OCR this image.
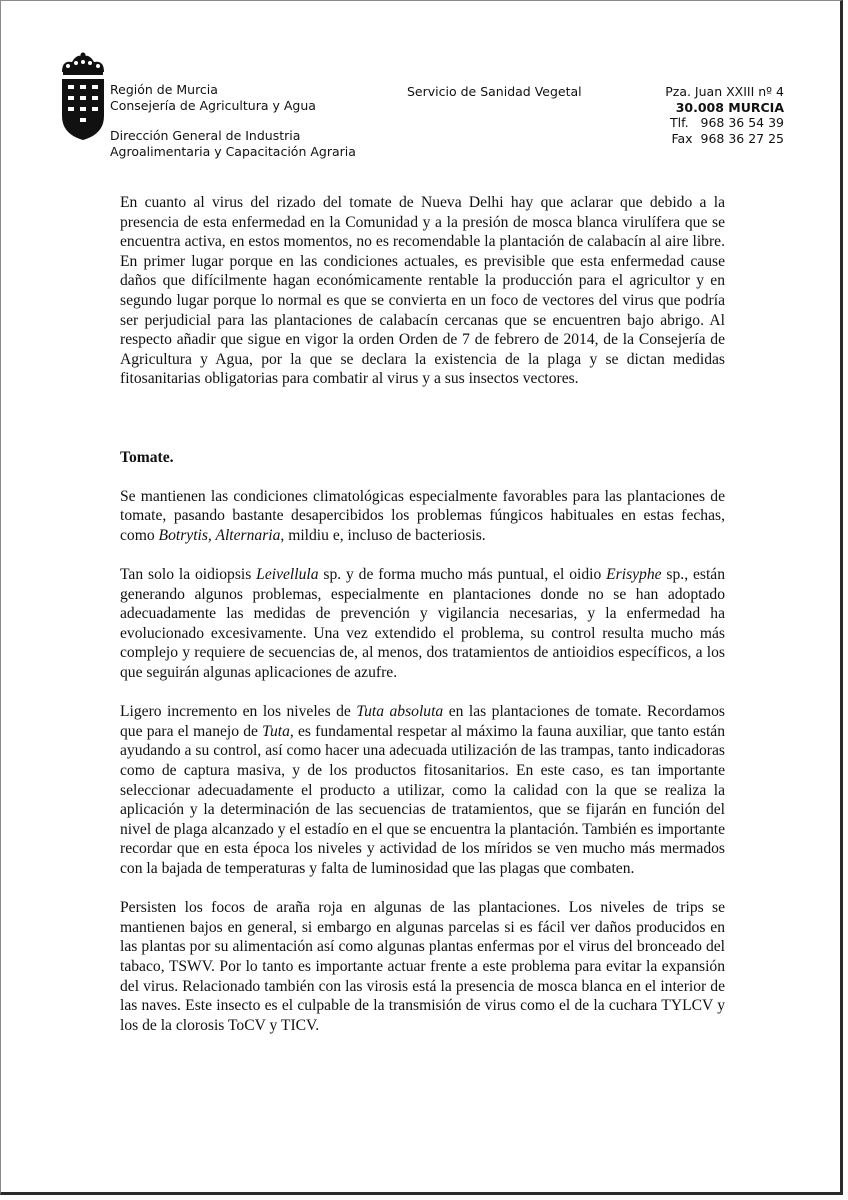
Región de Murcia
Consejería de Agricultura y Agua
Dirección General de Industria
Agroalimentaria y Capacitación Agraria
Servicio de Sanidad Vegetal	Pza. Juan XXIII nº 4
30.008 MURCIA
Tlf.   968 36 54 39
Fax  968 36 27 25

En cuanto al virus del rizado del tomate de Nueva Delhi hay que aclarar que debido a la presencia de esta enfermedad en la Comunidad y a la presión de mosca blanca virulífera que se encuentra activa, en estos momentos, no es recomendable la plantación de calabacín al aire libre. En primer lugar porque en las condiciones actuales, es previsible que esta enfermedad cause daños que difícilmente hagan económicamente rentable la producción para el agricultor y en segundo lugar porque lo normal es que se convierta en un foco de vectores del virus que podría ser perjudicial para las plantaciones de calabacín cercanas que se encuentren bajo abrigo. Al respecto añadir que sigue en vigor la orden Orden de 7 de febrero de 2014, de la Consejería de Agricultura y Agua, por la que se declara la existencia de la plaga y se dictan medidas fitosanitarias obligatorias para combatir al virus y a sus insectos vectores.

Tomate.

Se mantienen las condiciones climatológicas especialmente favorables para las plantaciones de tomate, pasando bastante desapercibidos los problemas fúngicos habituales en estas fechas, como Botrytis, Alternaria, mildiu e, incluso de bacteriosis.

Tan solo la oidiopsis Leivellula sp. y de forma mucho más puntual, el oidio Erisyphe sp., están generando algunos problemas, especialmente en plantaciones donde no se han adoptado adecuadamente las medidas de prevención y vigilancia necesarias, y la enfermedad ha evolucionado excesivamente. Una vez extendido el problema, su control resulta mucho más complejo y requiere de secuencias de, al menos, dos tratamientos de antioidios específicos, a los que seguirán algunas aplicaciones de azufre.

Ligero incremento en los niveles de Tuta absoluta en las plantaciones de tomate. Recordamos que para el manejo de Tuta, es fundamental respetar al máximo la fauna auxiliar, que tanto están ayudando a su control, así como hacer una adecuada utilización de las trampas, tanto indicadoras como de captura masiva, y de los productos fitosanitarios. En este caso, es tan importante seleccionar adecuadamente el producto a utilizar, como la calidad con la que se realiza la aplicación y la determinación de las secuencias de tratamientos, que se fijarán en función del nivel de plaga alcanzado y el estadío en el que se encuentra la plantación. También es importante recordar que en esta época los niveles y actividad de los míridos se ven mucho más mermados con la bajada de temperaturas y falta de luminosidad que las plagas que combaten.

Persisten los focos de araña roja en algunas de las plantaciones. Los niveles de trips se mantienen bajos en general, si embargo en algunas parcelas si es fácil ver daños producidos en las plantas por su alimentación así como algunas plantas enfermas por el virus del bronceado del tabaco, TSWV. Por lo tanto es importante actuar frente a este problema para evitar la expansión del virus. Relacionado también con las virosis está la presencia de mosca blanca en el interior de las naves. Este insecto es el culpable de la transmisión de virus como el de la cuchara TYLCV y los de la clorosis ToCV y TICV.
